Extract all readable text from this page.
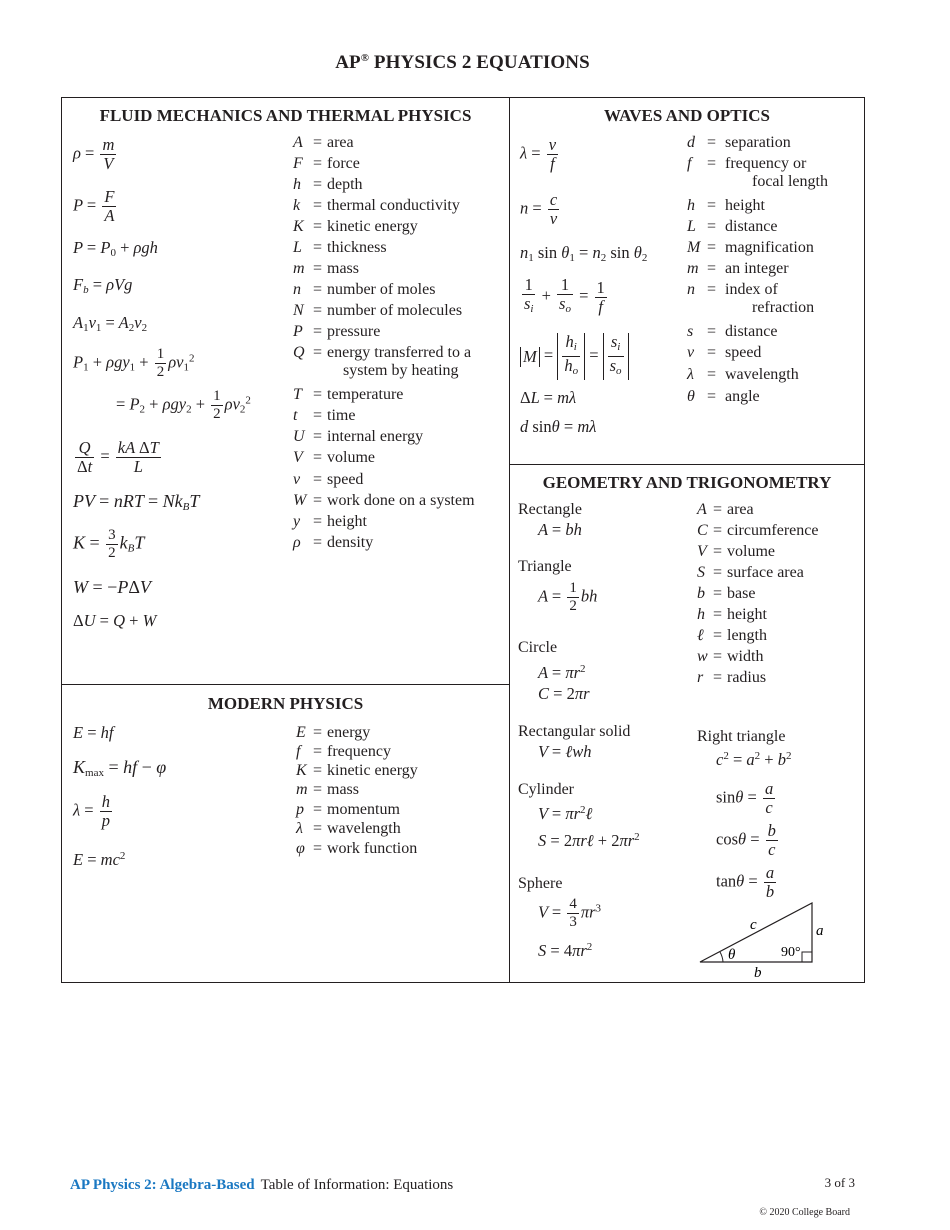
AP® PHYSICS 2 EQUATIONS
FLUID MECHANICS AND THERMAL PHYSICS	WAVES AND OPTICS
GEOMETRY AND TRIGONOMETRY
MODERN PHYSICS
$\rho = \frac{m}{V}$
$P = \frac{F}{A}$
$P = P_0 + \rho gh$
$F_b = \rho Vg$
$A_1v_1 = A_2v_2$
$P_1 + \rho gy_1 + \frac{1}{2} \rho v_1^2$
= $P_2 + \rho gy_2 + \frac{1}{2} \rho v_2^2$
$\frac{Q}{\Delta t} = \frac{\text{kA ΔT}}{L}$
PV = nRT = $Nk_BT$
$K = \frac{3}{2} k_BT$
W = −PΔV
ΔU = Q + W
A = area
F = force
h = depth
k = thermal conductivity
K = kinetic energy
L = thickness
m = mass
n = number of moles
N = number of molecules
P = pressure
Q = energy transferred to a
system by heating
T = temperature
t = time
U = internal energy
V = volume
v = speed
W = work done on a system
y = height
ρ = density
$\lambda = \frac{v}{f}$
$n = \frac{c}{v}$
$n_1$ $\sin \theta_1 = n_2$ $\sin \theta_2$
$\frac{1}{s_i} + \frac{1}{s_o} = \frac{1}{f}$
$M = \frac{h_i}{h_o} = \frac{s_i}{s_o}$
ΔL = mλ
d sinθ = mλ
d = separation
f = frequency or
focal length
h = height
L = distance
M = magnification
m = an integer
n = index of
refraction
s = distance
v = speed
λ = wavelength
θ = angle
Rectangle
A = bh
Triangle
$A = \frac{1}{2}$ bh
Circle
$A = \pi r^2$
C = 2πr
Rectangular solid
V = ℓwh
Cylinder
$V = \pi r^2\ell$
S = 2πrℓ + $2\pi r^2$
Sphere
$V = \frac{4}{3} \pi r^3$
$S = 4\pi r^2$
Right triangle
$c^2 = a^2 + b^2$
$\sin\theta = \frac{a}{c}$
$\cos\theta = \frac{b}{c}$
$\tan\theta = \frac{a}{b}$
c	a
b
θ	90°
A = area
C = circumference
V = volume
S = surface area
b = base
h = height
ℓ = length
w = width
r = radius
E = hf
$K_{max}$ = hf − φ
$\lambda = \frac{h}{p}$
$E = mc^2$
E = energy
f = frequency
K = kinetic energy
m = mass
p = momentum
λ = wavelength
φ = work function
AP Physics 2: Algebra-Based Table of Information: Equations	3 of 3
© 2020 College Board
